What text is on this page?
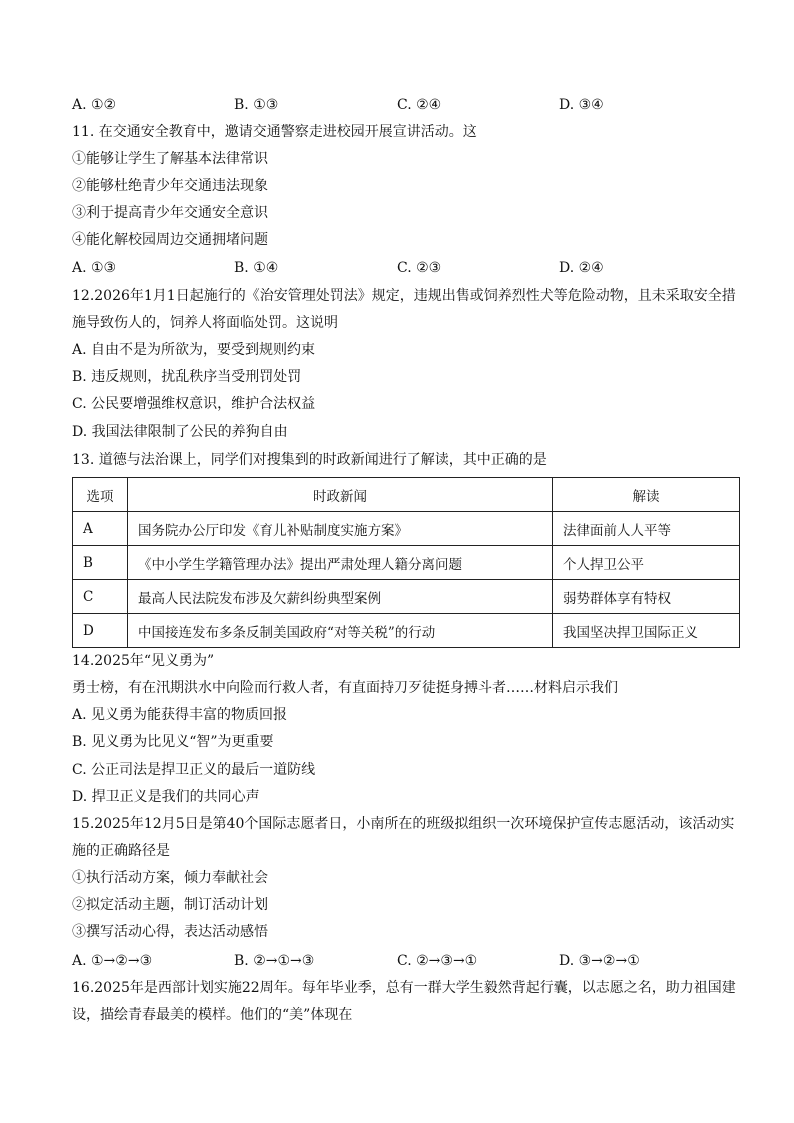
A. ①②	B. ①③	C. ②④	D. ③④
11. 在交通安全教育中，邀请交通警察走进校园开展宣讲活动。这
①能够让学生了解基本法律常识
②能够杜绝青少年交通违法现象
③利于提高青少年交通安全意识
④能化解校园周边交通拥堵问题
A. ①③	B. ①④	C. ②③	D. ②④
12.2026年1月1日起施行的《治安管理处罚法》规定，违规出售或饲养烈性犬等危险动物，且未采取安全措
施导致伤人的，饲养人将面临处罚。这说明
A. 自由不是为所欲为，要受到规则约束
B. 违反规则，扰乱秩序当受刑罚处罚
C. 公民要增强维权意识，维护合法权益
D. 我国法律限制了公民的养狗自由
13. 道德与法治课上，同学们对搜集到的时政新闻进行了解读，其中正确的是
选项	时政新闻	解读
A	国务院办公厅印发《育儿补贴制度实施方案》	法律面前人人平等
B	《中小学生学籍管理办法》提出严肃处理人籍分离问题	个人捍卫公平
C	最高人民法院发布涉及欠薪纠纷典型案例	弱势群体享有特权
D	中国接连发布多条反制美国政府“对等关税”的行动	我国坚决捍卫国际正义
14.2025年“见义勇为”
勇士榜，有在汛期洪水中向险而行救人者，有直面持刀歹徒挺身搏斗者……材料启示我们
A. 见义勇为能获得丰富的物质回报
B. 见义勇为比见义“智”为更重要
C. 公正司法是捍卫正义的最后一道防线
D. 捍卫正义是我们的共同心声
15.2025年12月5日是第40个国际志愿者日，小南所在的班级拟组织一次环境保护宣传志愿活动，该活动实
施的正确路径是
①执行活动方案，倾力奉献社会
②拟定活动主题，制订活动计划
③撰写活动心得，表达活动感悟
A. ①→②→③	B. ②→①→③	C. ②→③→①	D. ③→②→①
16.2025年是西部计划实施22周年。每年毕业季，总有一群大学生毅然背起行囊，以志愿之名，助力祖国建
设，描绘青春最美的模样。他们的“美”体现在
